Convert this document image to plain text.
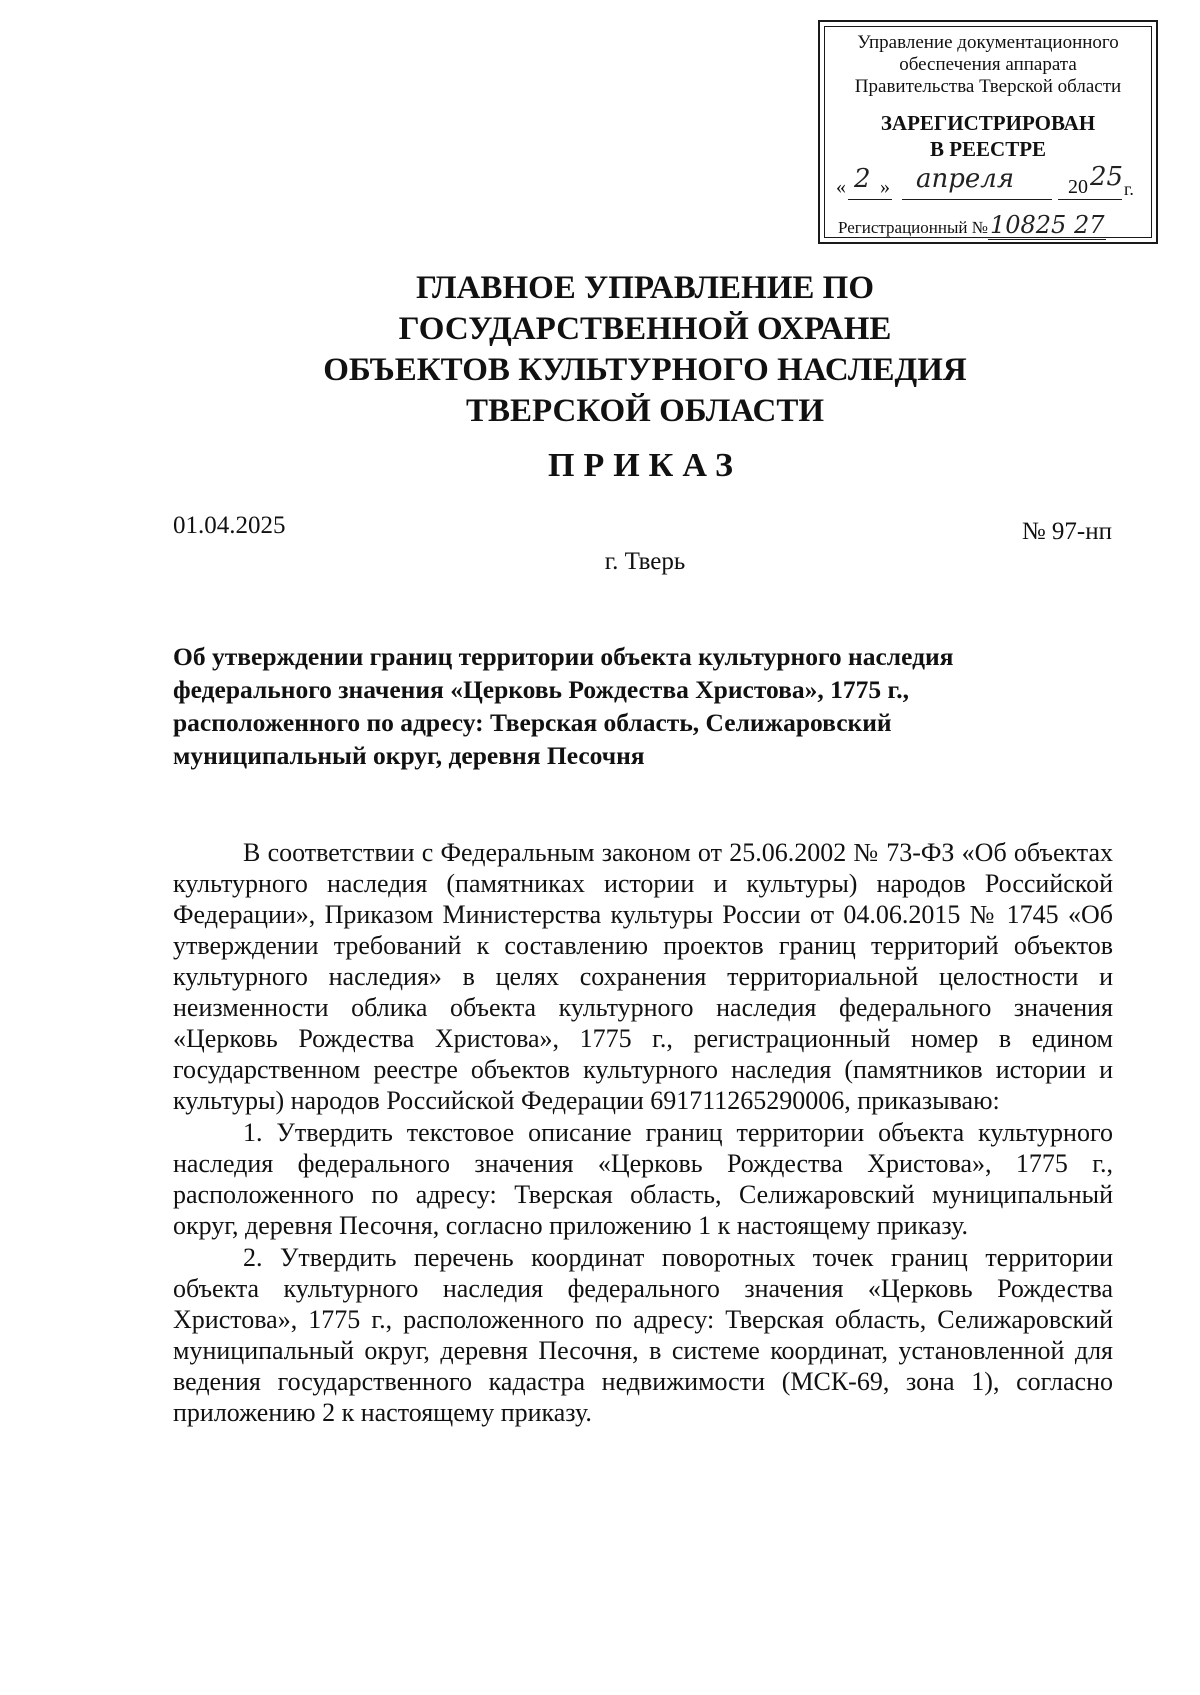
Управление документационного
обеспечения аппарата
Правительства Тверской области
ЗАРЕГИСТРИРОВАН
В РЕЕСТРЕ
« 2 » апреля	20 25 г.
Регистрационный №10825 27
ГЛАВНОЕ УПРАВЛЕНИЕ ПО
ГОСУДАРСТВЕННОЙ ОХРАНЕ
ОБЪЕКТОВ КУЛЬТУРНОГО НАСЛЕДИЯ
ТВЕРСКОЙ ОБЛАСТИ
ПРИКАЗ
01.04.2025	№ 97-нп
г. Тверь
Об утверждении границ территории объекта культурного наследия федерального значения «Церковь Рождества Христова», 1775 г., расположенного по адресу: Тверская область, Селижаровский муниципальный округ, деревня Песочня

В соответствии с Федеральным законом от 25.06.2002 № 73-ФЗ «Об объектах культурного наследия (памятниках истории и культуры) народов Российской Федерации», Приказом Министерства культуры России от 04.06.2015 № 1745 «Об утверждении требований к составлению проектов границ территорий объектов культурного наследия» в целях сохранения территориальной целостности и неизменности облика объекта культурного наследия федерального значения «Церковь Рождества Христова», 1775 г., регистрационный номер в едином государственном реестре объектов культурного наследия (памятников истории и культуры) народов Российской Федерации 691711265290006, приказываю:

1. Утвердить текстовое описание границ территории объекта культурного наследия федерального значения «Церковь Рождества Христова», 1775 г., расположенного по адресу: Тверская область, Селижаровский муниципальный округ, деревня Песочня, согласно приложению 1 к настоящему приказу.

2. Утвердить перечень координат поворотных точек границ территории объекта культурного наследия федерального значения «Церковь Рождества Христова», 1775 г., расположенного по адресу: Тверская область, Селижаровский муниципальный округ, деревня Песочня, в системе координат, установленной для ведения государственного кадастра недвижимости (МСК-69, зона 1), согласно приложению 2 к настоящему приказу.
